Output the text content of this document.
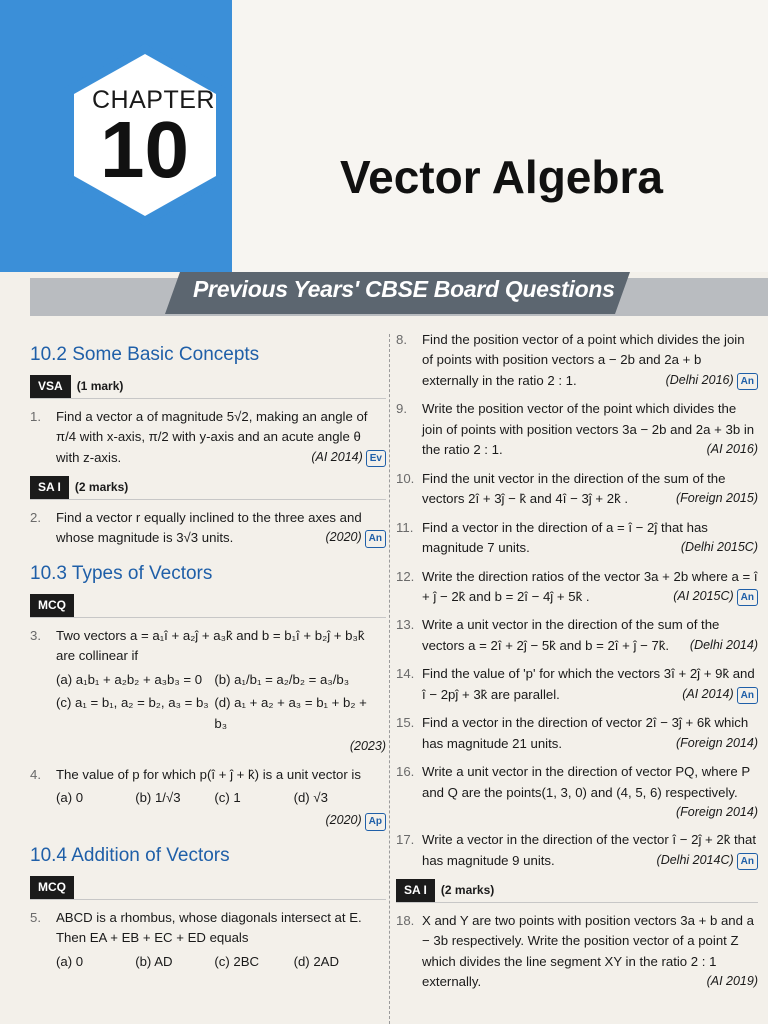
CHAPTER
10	Vector Algebra
Previous Years' CBSE Board Questions
10.2 Some Basic Concepts
VSA	(1 mark)
1.	Find a vector a of magnitude 5√2, making an angle of π/4 with x-axis, π/2 with y-axis and an acute angle θ with z-axis.	(AI 2014) Ev
SA I	(2 marks)
2.	Find a vector r equally inclined to the three axes and whose magnitude is 3√3 units.	(2020) An
10.3 Types of Vectors
MCQ
3.	Two vectors a = a₁î + a₂ĵ + a₃k̂ and b = b₁î + b₂ĵ + b₃k̂ are collinear if
(a) a₁b₁ + a₂b₂ + a₃b₃ = 0 (b) a₁/b₁ = a₂/b₂ = a₃/b₃
(c) a₁ = b₁, a₂ = b₂, a₃ = b₃ (d) a₁ + a₂ + a₃ = b₁ + b₂ + b₃
(2023)
4.	The value of p for which p(î + ĵ + k̂) is a unit vector is
(a) 0	(b) 1/√3	(c) 1	(d) √3
(2020) Ap
10.4 Addition of Vectors
MCQ
5.	ABCD is a rhombus, whose diagonals intersect at E. Then EA + EB + EC + ED equals
(a) 0	(b) AD	(c) 2BC	(d) 2AD
8.	Find the position vector of a point which divides the join of points with position vectors a − 2b and 2a + b externally in the ratio 2 : 1.	(Delhi 2016) An
9.	Write the position vector of the point which divides the join of points with position vectors 3a − 2b and 2a + 3b in the ratio 2 : 1.	(AI 2016)
10. Find the unit vector in the direction of the sum of the vectors 2î + 3ĵ − k̂ and 4î − 3ĵ + 2k̂ .	(Foreign 2015)
11. Find a vector in the direction of a = î − 2ĵ that has magnitude 7 units.	(Delhi 2015C)
12. Write the direction ratios of the vector 3a + 2b where a = î + ĵ − 2k̂ and b = 2î − 4ĵ + 5k̂ .	(AI 2015C) An
13. Write a unit vector in the direction of the sum of the vectors a = 2î + 2ĵ − 5k̂ and b = 2î + ĵ − 7k̂. (Delhi 2014)
14. Find the value of 'p' for which the vectors 3î + 2ĵ + 9k̂ and î − 2pĵ + 3k̂ are parallel.	(AI 2014) An
15. Find a vector in the direction of vector 2î − 3ĵ + 6k̂ which has magnitude 21 units.	(Foreign 2014)
16. Write a unit vector in the direction of vector PQ, where P and Q are the points(1, 3, 0) and (4, 5, 6) respectively.
(Foreign 2014)
17. Write a vector in the direction of the vector î − 2ĵ + 2k̂ that has magnitude 9 units.	(Delhi 2014C) An
SA I	(2 marks)
18. X and Y are two points with position vectors 3a + b and a − 3b respectively. Write the position vector of a point Z which divides the line segment XY in the ratio 2 : 1 externally.	(AI 2019)
